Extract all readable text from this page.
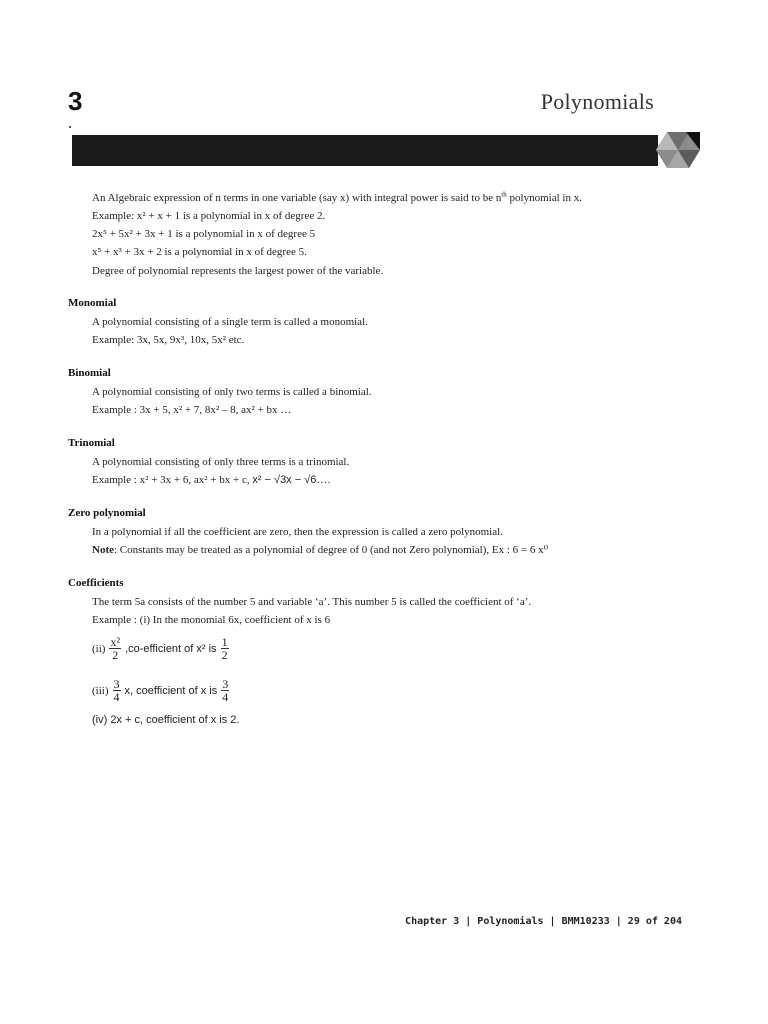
3	Polynomials
An Algebraic expression of n terms in one variable (say x) with integral power is said to be $n^{th}$ polynomial in x.
Example: x² + x + 1 is a polynomial in x of degree 2.
2x⁵ + 5x² + 3x + 1 is a polynomial in x of degree 5
x⁵ + x³ + 3x + 2 is a polynomial in x of degree 5.
Degree of polynomial represents the largest power of the variable.
Monomial
A polynomial consisting of a single term is called a monomial.
Example: 3x, 5x, 9x³, 10x, 5x² etc.
Binomial
A polynomial consisting of only two terms is called a binomial.
Example : 3x + 5, x² + 7, 8x² – 8, ax² + bx …
Trinomial
A polynomial consisting of only three terms is a trinomial.
Example : x² + 3x + 6, ax² + bx + c, x² − √3x − √6….
Zero polynomial
In a polynomial if all the coefficient are zero, then the expression is called a zero polynomial.
Note: Constants may be treated as a polynomial of degree of 0 (and not Zero polynomial), Ex : 6 = 6 x⁰
Coefficients
The term 5a consists of the number 5 and variable ‘a’. This number 5 is called the coefficient of ‘a’.
Example : (i) In the monomial 6x, coefficient of x is 6
$(ii) \frac{\text{x²}}{2}$ ,co-efficient of x² is $\frac{1}{2}$
$(iii) \frac{3}{4} x$, coefficient of x is $\frac{3}{4}$
(iv) 2x + c, coefficient of x is 2.
Chapter 3 | Polynomials | BMM10233 | 29 of 204
